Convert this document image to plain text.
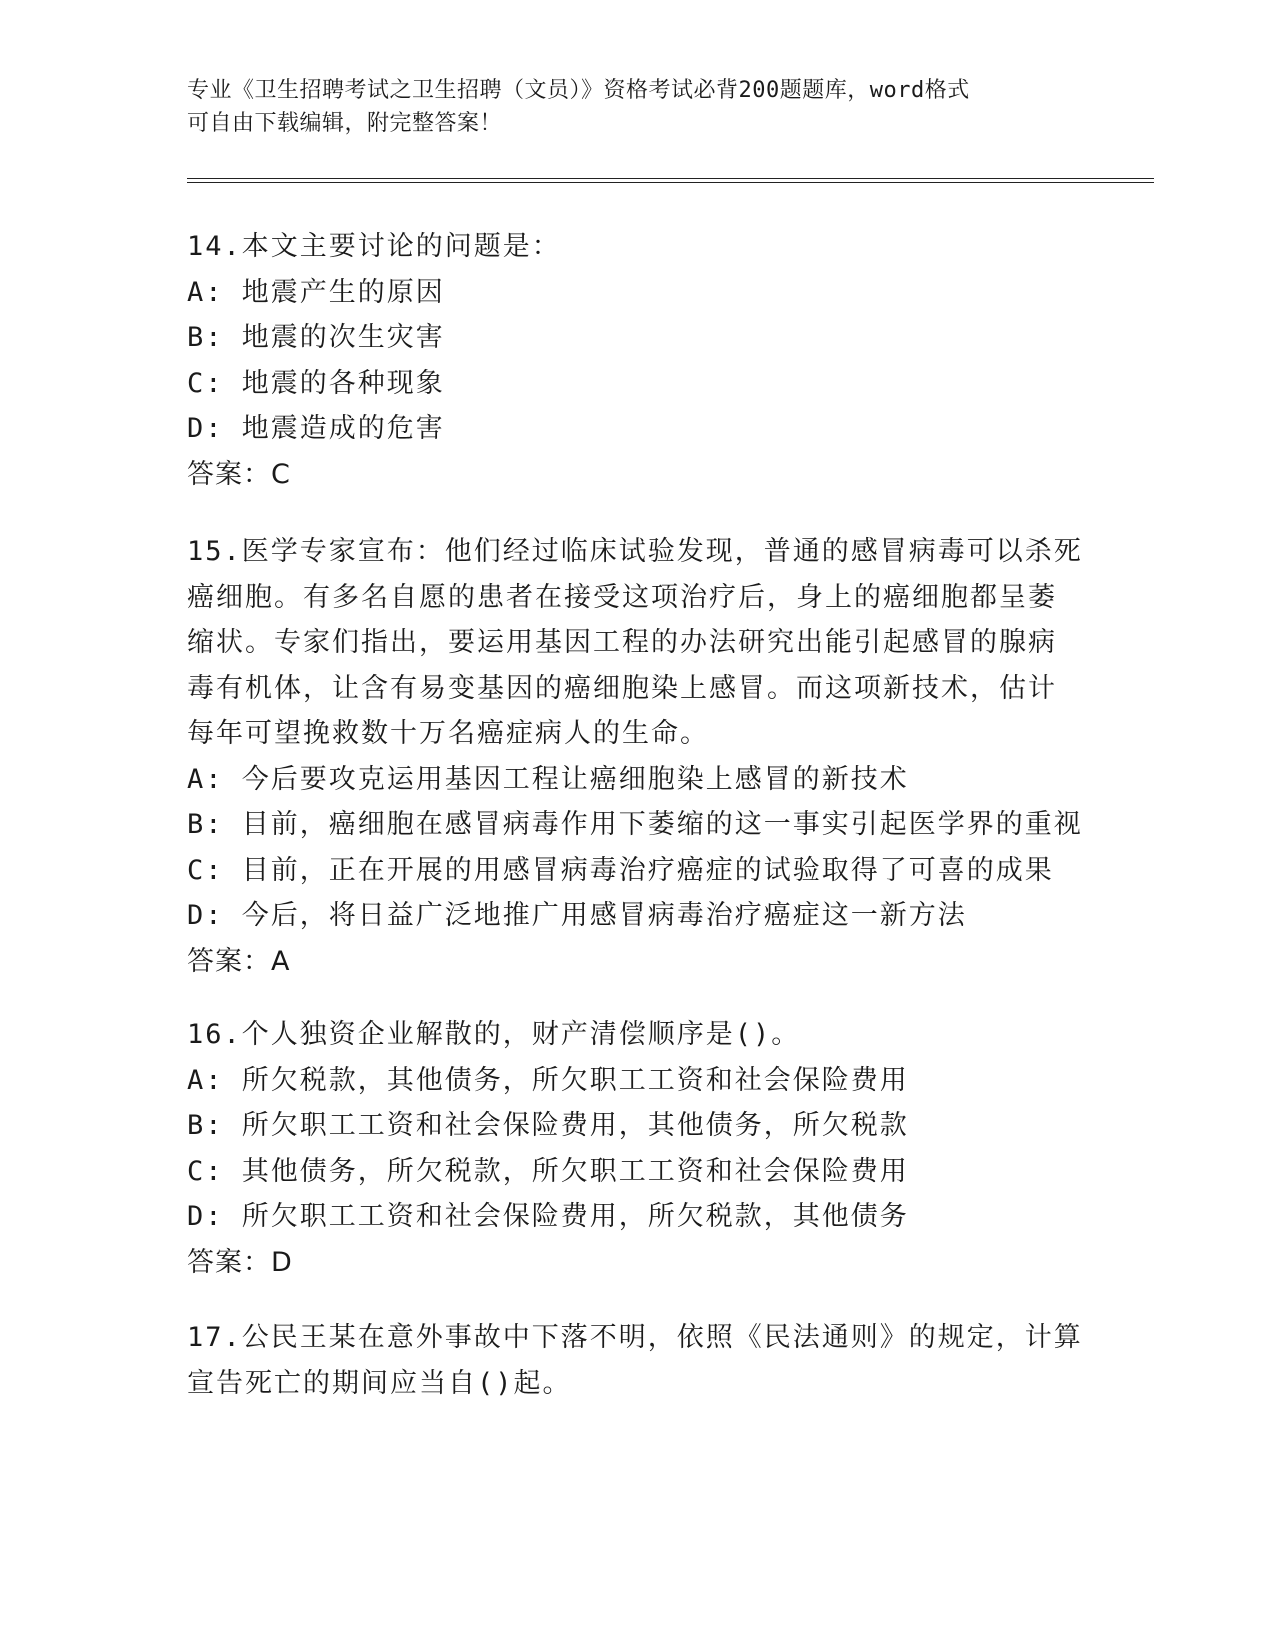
专业《卫生招聘考试之卫生招聘（文员）》资格考试必背200题题库，word格式
可自由下载编辑，附完整答案！

14.本文主要讨论的问题是：

A: 地震产生的原因

B: 地震的次生灾害

C: 地震的各种现象

D: 地震造成的危害

答案：C

15.医学专家宣布：他们经过临床试验发现，普通的感冒病毒可以杀死

癌细胞。有多名自愿的患者在接受这项治疗后，身上的癌细胞都呈萎

缩状。专家们指出，要运用基因工程的办法研究出能引起感冒的腺病

毒有机体，让含有易变基因的癌细胞染上感冒。而这项新技术，估计

每年可望挽救数十万名癌症病人的生命。

A: 今后要攻克运用基因工程让癌细胞染上感冒的新技术

B: 目前，癌细胞在感冒病毒作用下萎缩的这一事实引起医学界的重视

C: 目前，正在开展的用感冒病毒治疗癌症的试验取得了可喜的成果

D: 今后，将日益广泛地推广用感冒病毒治疗癌症这一新方法

答案：A

16.个人独资企业解散的，财产清偿顺序是()。

A: 所欠税款，其他债务，所欠职工工资和社会保险费用

B: 所欠职工工资和社会保险费用，其他债务，所欠税款

C: 其他债务，所欠税款，所欠职工工资和社会保险费用

D: 所欠职工工资和社会保险费用，所欠税款，其他债务

答案：D

17.公民王某在意外事故中下落不明，依照《民法通则》的规定，计算

宣告死亡的期间应当自()起。
